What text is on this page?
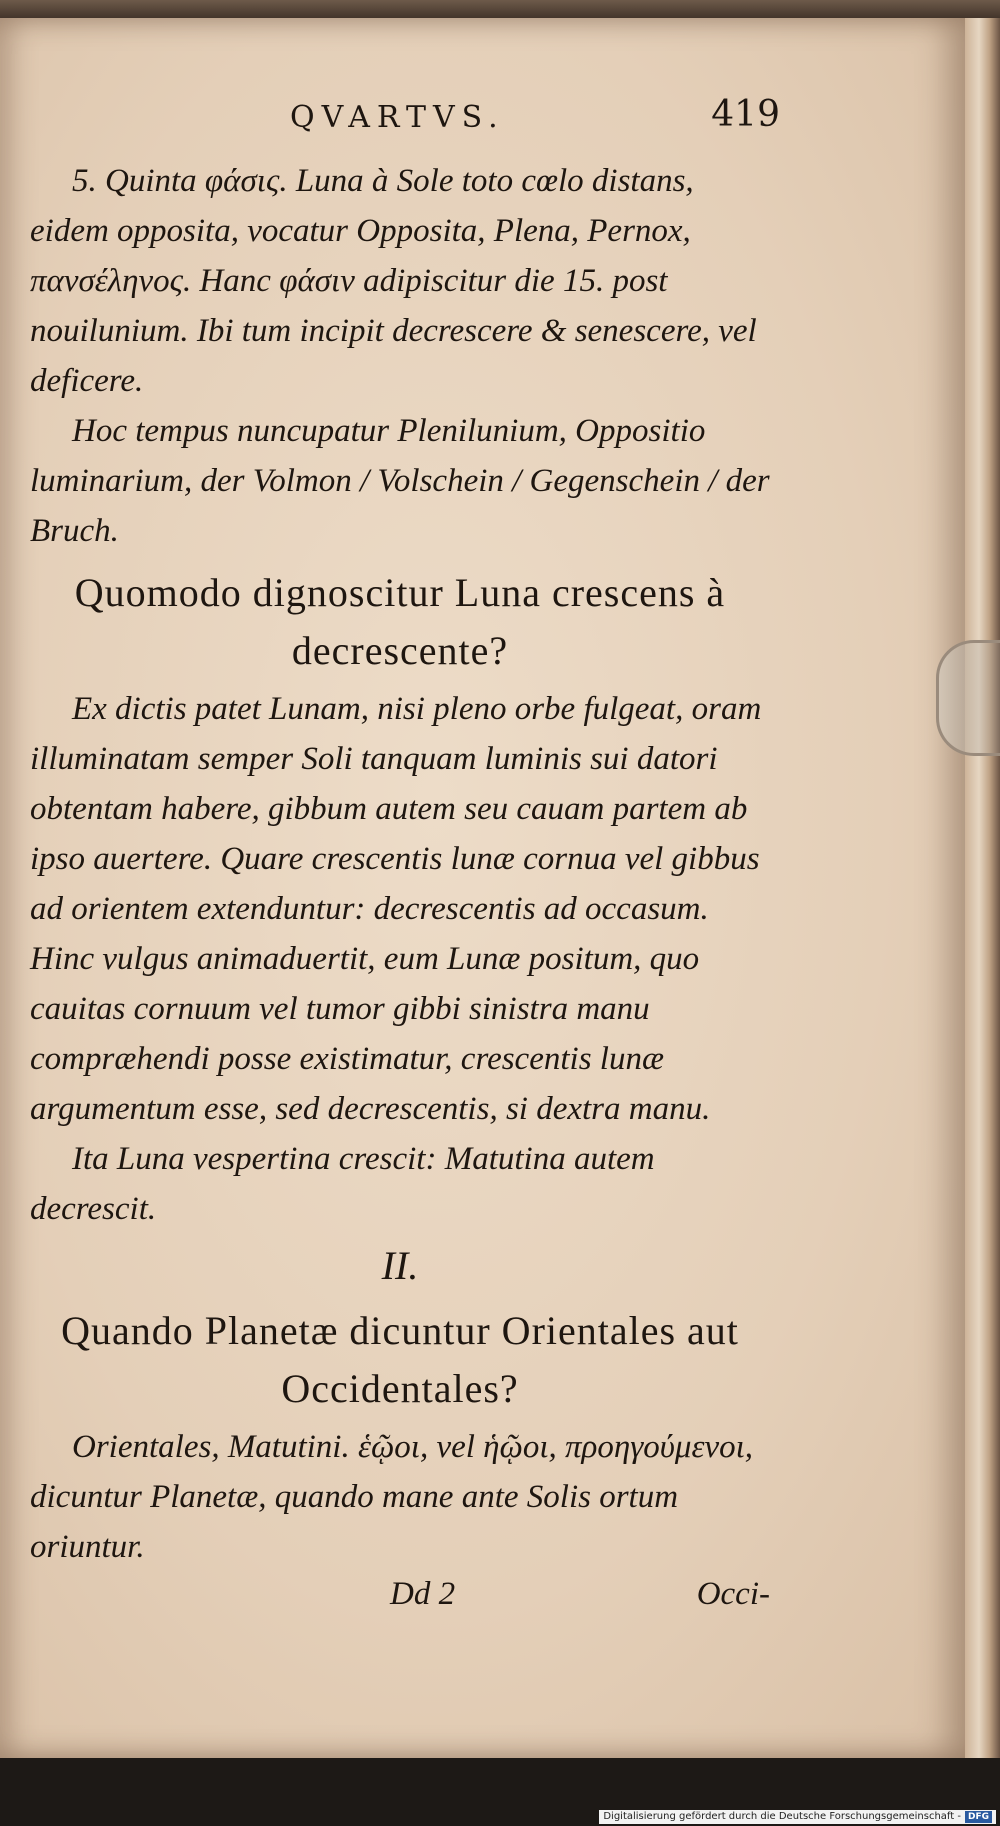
QVARTVS.	419

5. Quinta φάσις. Luna à Sole toto cœlo distans, eidem opposita, vocatur Opposita, Plena, Pernox, πανσέληνος. Hanc φάσιν adipiscitur die 15. post nouilunium. Ibi tum incipit decrescere & senescere, vel deficere.

Hoc tempus nuncupatur Plenilunium, Oppositio luminarium, der Volmon / Volschein / Gegenschein / der Bruch.

Quomodo dignoscitur Luna crescens à decrescente?

Ex dictis patet Lunam, nisi pleno orbe fulgeat, oram illuminatam semper Soli tanquam luminis sui datori obtentam habere, gibbum autem seu cauam partem ab ipso auertere. Quare crescentis lunæ cornua vel gibbus ad orientem extenduntur: decrescentis ad occasum. Hinc vulgus animaduertit, eum Lunæ positum, quo cauitas cornuum vel tumor gibbi sinistra manu compræhendi posse existimatur, crescentis lunæ argumentum esse, sed decrescentis, si dextra manu.

Ita Luna vespertina crescit: Matutina autem decrescit.

II.
Quando Planetæ dicuntur Orientales aut Occidentales?

Orientales, Matutini. ἑῷοι, vel ἡῷοι, προηγούμενοι, dicuntur Planetæ, quando mane ante Solis ortum oriuntur.

Dd 2	Occi-
Digitalisierung gefördert durch die Deutsche Forschungsgemeinschaft - DFG
